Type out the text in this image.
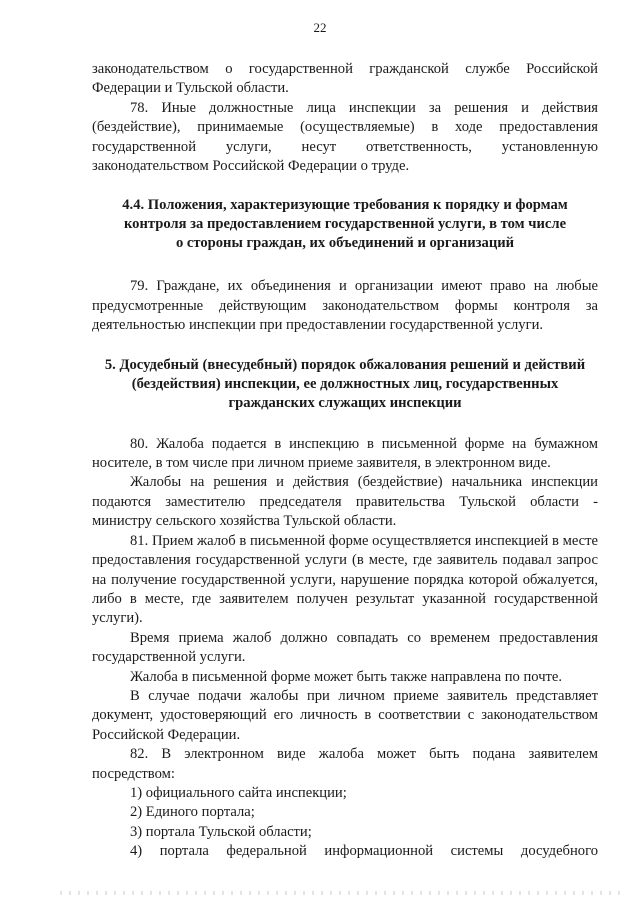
22

законодательством о государственной гражданской службе Российской Федерации и Тульской области.

78. Иные должностные лица инспекции за решения и действия (бездействие), принимаемые (осуществляемые) в ходе предоставления государственной услуги, несут ответственность, установленную законодательством Российской Федерации о труде.

4.4. Положения, характеризующие требования к порядку и формам
контроля за предоставлением государственной услуги, в том числе
о стороны граждан, их объединений и организаций

79. Граждане, их объединения и организации имеют право на любые предусмотренные действующим законодательством формы контроля за деятельностью инспекции при предоставлении государственной услуги.

5. Досудебный (внесудебный) порядок обжалования решений и действий
(бездействия) инспекции, ее должностных лиц, государственных
гражданских служащих инспекции

80. Жалоба подается в инспекцию в письменной форме на бумажном носителе, в том числе при личном приеме заявителя, в электронном виде.

Жалобы на решения и действия (бездействие) начальника инспекции подаются заместителю председателя правительства Тульской области - министру сельского хозяйства Тульской области.

81. Прием жалоб в письменной форме осуществляется инспекцией в месте предоставления государственной услуги (в месте, где заявитель подавал запрос на получение государственной услуги, нарушение порядка которой обжалуется, либо в месте, где заявителем получен результат указанной государственной услуги).

Время приема жалоб должно совпадать со временем предоставления государственной услуги.

Жалоба в письменной форме может быть также направлена по почте.

В случае подачи жалобы при личном приеме заявитель представляет документ, удостоверяющий его личность в соответствии с законодательством Российской Федерации.

82. В электронном виде жалоба может быть подана заявителем посредством:

1) официального сайта инспекции;

2) Единого портала;

3) портала Тульской области;

4) портала федеральной информационной системы досудебного
